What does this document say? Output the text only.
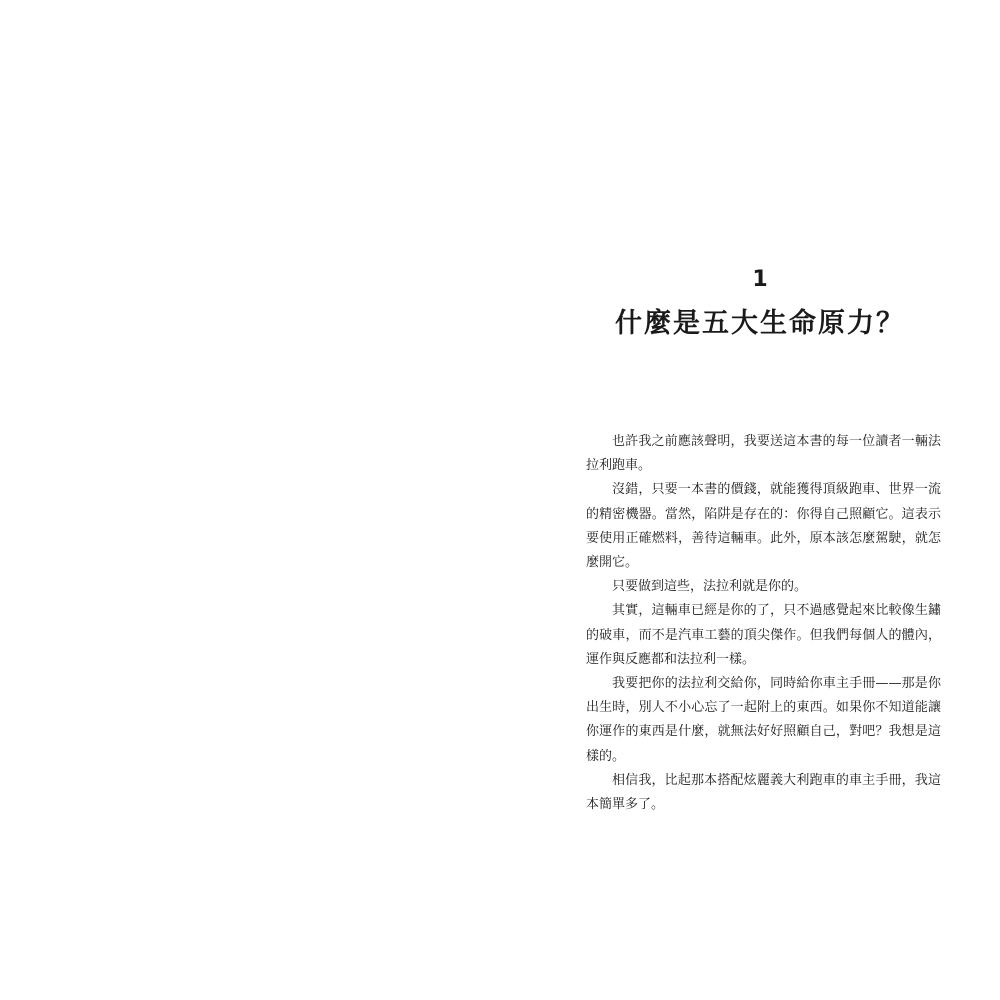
1
什麼是五大生命原力？

也許我之前應該聲明，我要送這本書的每一位讀者一輛法拉利跑車。

沒錯，只要一本書的價錢，就能獲得頂級跑車、世界一流的精密機器。當然，陷阱是存在的：你得自己照顧它。這表示要使用正確燃料，善待這輛車。此外，原本該怎麼駕駛，就怎麼開它。

只要做到這些，法拉利就是你的。

其實，這輛車已經是你的了，只不過感覺起來比較像生鏽的破車，而不是汽車工藝的頂尖傑作。但我們每個人的體內，運作與反應都和法拉利一樣。

我要把你的法拉利交給你，同時給你車主手冊——那是你出生時，別人不小心忘了一起附上的東西。如果你不知道能讓你運作的東西是什麼，就無法好好照顧自己，對吧？我想是這樣的。

相信我，比起那本搭配炫麗義大利跑車的車主手冊，我這本簡單多了。
